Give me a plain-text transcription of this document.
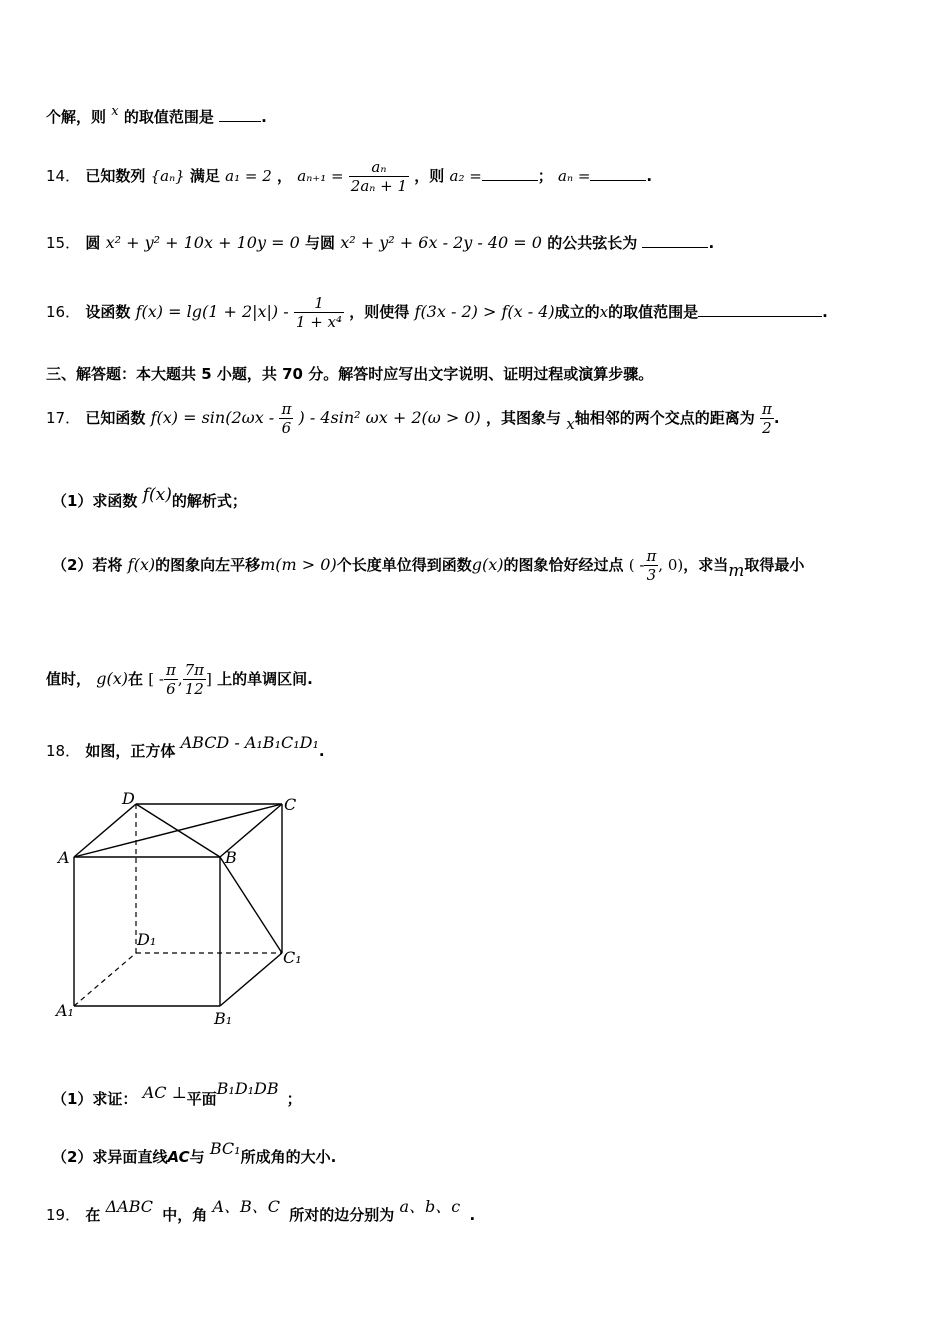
个解，则 x 的取值范围是	.
14． 已知数列 {aₙ} 满足 a₁ = 2 ， $a_{n+1} = \frac{\text{aₙ}}{\text{2aₙ + 1}}$ ，则 a₂ =	； aₙ =	.
15． 圆 x² + y² + 10x + 10y = 0 与圆 x² + y² + 6x - 2y - 40 = 0 的公共弦长为	.
16． 设函数 $f(x) = \lg(1 + 2|x|) - \frac{1}{\text{1 + x⁴}}$ ，则使得 f(3x - 2) > f(x - 4)成立的x的取值范围是	.
三、解答题：本大题共 5 小题，共 70 分。解答时应写出文字说明、证明过程或演算步骤。
17． 已知函数 $f(x) = \sin(2\omega x - \frac{\pi}{6}$ ) - 4sin² ωx + 2(ω > 0) ，其图象与 x轴相邻的两个交点的距离为 $\frac{\pi}{2}$ .
（1）求函数 f(x)的解析式；
（2）若将 f(x)的图象向左平移m(m > 0)个长度单位得到函数g(x)的图象恰好经过点 ( - $\frac{\pi}{3}$ , 0)，求当m取得最小
值时， g(x)在 [ - $\frac{\pi}{6}$ , $\frac{7\pi}{12}$ ] 上的单调区间.
18． 如图，正方体 ABCD - A₁B₁C₁D₁.
A	B
C
D
A₁	B₁
C₁
D₁
（1）求证： AC ⊥平面B₁D₁DB；
（2）求异面直线AC与 BC₁所成角的大小.
19． 在 ΔABC 中，角 A、B、C 所对的边分别为 a、b、c .
